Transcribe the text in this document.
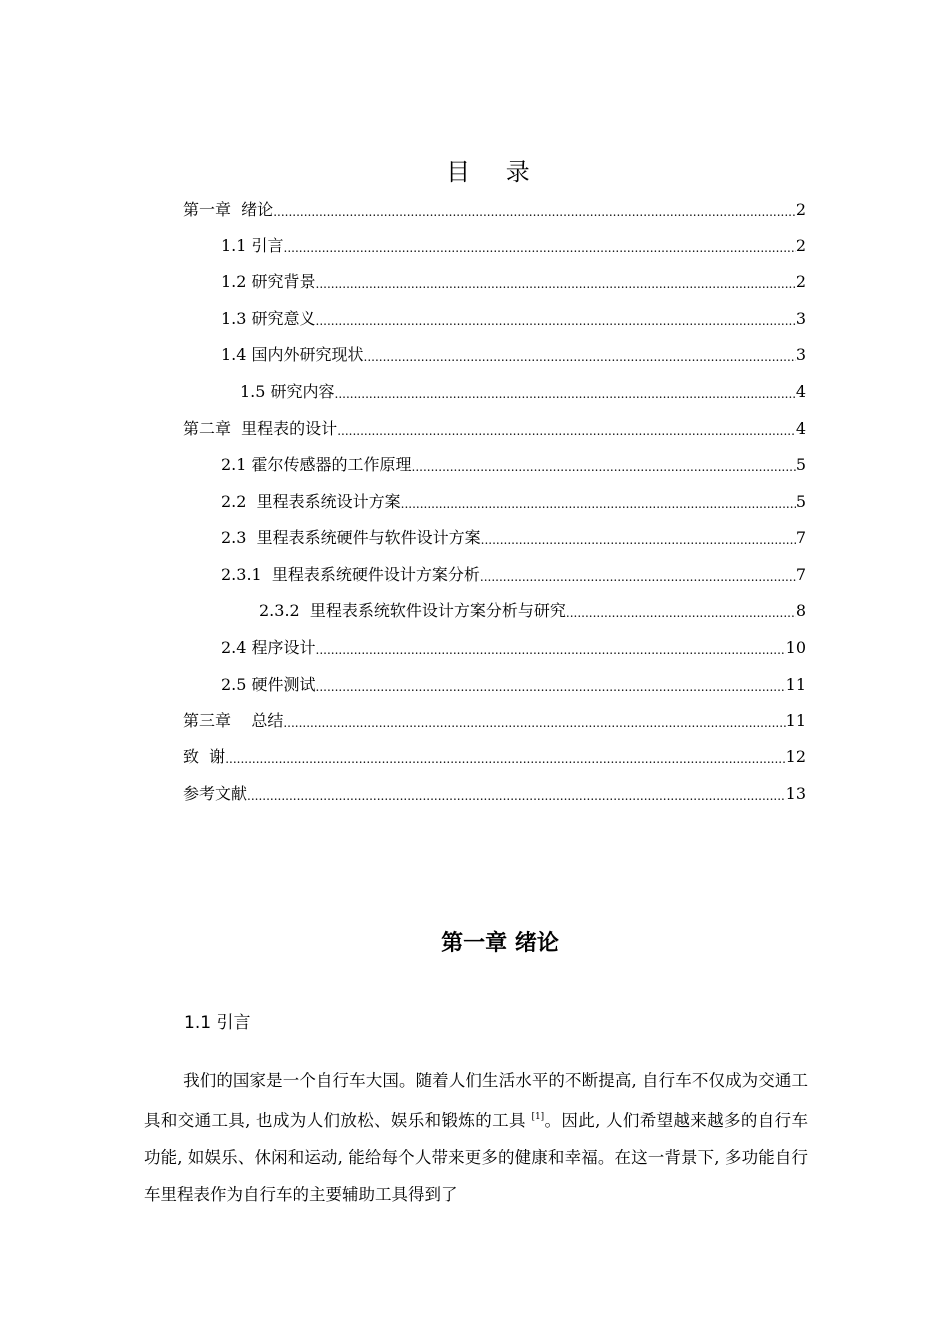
目 录
第一章  绪论 .....	2
1.1 引言 .....	2
1.2 研究背景 .....	2
1.3 研究意义 .....	3
1.4 国内外研究现状 .....	3
1.5 研究内容 .....	4
第二章  里程表的设计 .....	4
2.1 霍尔传感器的工作原理 .....	5
2.2  里程表系统设计方案 .....	5
2.3  里程表系统硬件与软件设计方案 .....	7
2.3.1  里程表系统硬件设计方案分析 .....	7
2.3.2  里程表系统软件设计方案分析与研究 .....	8
2.4 程序设计 .....	10
2.5 硬件测试 .....	11
第三章    总结 .....	11
致  谢 .....	12
参考文献 .....	13
第一章 绪论
1.1 引言

我们的国家是一个自行车大国。随着人们生活水平的不断提高, 自行车不仅成为交通工具和交通工具, 也成为人们放松、娱乐和锻炼的工具 [1]。因此, 人们希望越来越多的自行车功能, 如娱乐、休闲和运动, 能给每个人带来更多的健康和幸福。在这一背景下, 多功能自行车里程表作为自行车的主要辅助工具得到了
